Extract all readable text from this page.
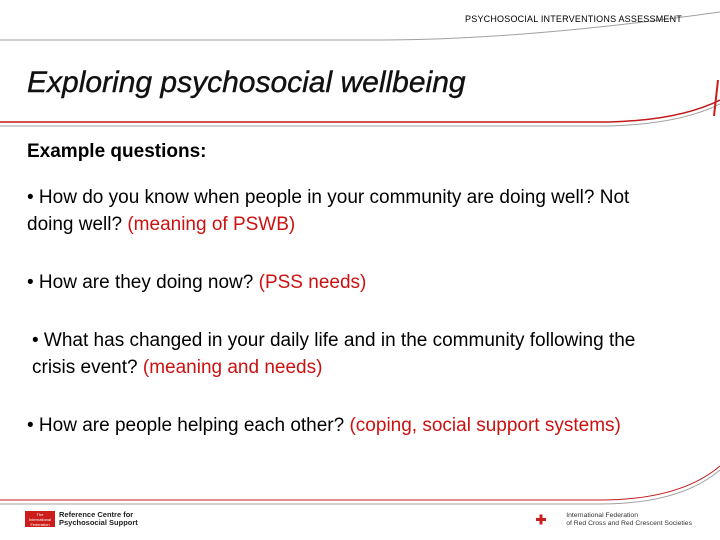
PSYCHOSOCIAL INTERVENTIONS ASSESSMENT
Exploring psychosocial wellbeing
Example questions:
• How do you know when people in your community are doing well? Not doing well? (meaning of PSWB)
• How are they doing now? (PSS needs)
• What has changed in your daily life and in the community following the crisis event? (meaning and needs)
• How are people helping each other? (coping, social support systems)
The International Federation
Reference Centre for
Psychosocial Support
International Federation
of Red Cross and Red Crescent Societies
